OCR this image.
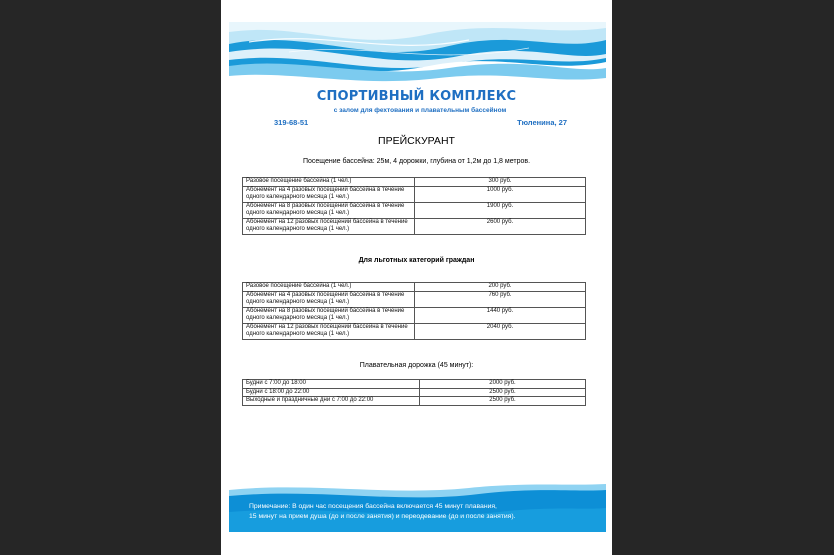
СПОРТИВНЫЙ КОМПЛЕКС
с залом для фехтования и плавательным бассейном
319-68-51	Тюленина, 27
ПРЕЙСКУРАНТ
Посещение бассейна: 25м, 4 дорожки, глубина от 1,2м до 1,8 метров.
Разовое посещение бассейна (1 чел.)	300 руб.
Абонемент на 4 разовых посещений бассейна в течение одного календарного месяца (1 чел.)	1000 руб.
Абонемент на 8 разовых посещений бассейна в течение одного календарного месяца (1 чел.)	1900 руб.
Абонемент на 12 разовых посещений бассейна в течение одного календарного месяца (1 чел.)	2600 руб.
Для льготных категорий граждан
Разовое посещение бассейна (1 чел.)	200 руб.
Абонемент на 4 разовых посещений бассейна в течение одного календарного месяца (1 чел.)	760 руб.
Абонемент на 8 разовых посещений бассейна в течение одного календарного месяца (1 чел.)	1440 руб.
Абонемент на 12 разовых посещений бассейна в течение одного календарного месяца (1 чел.)	2040 руб.
Плавательная дорожка (45 минут):
Будни с 7:00 до 18:00	2000 руб.
Будни с 18:00 до 22:00	2500 руб.
Выходные и праздничные дни с 7:00 до 22:00	2500 руб.
Примечание: В один час посещения бассейна включается 45 минут плавания,
15 минут на прием душа (до и после занятия) и переодевание (до и после занятия).
